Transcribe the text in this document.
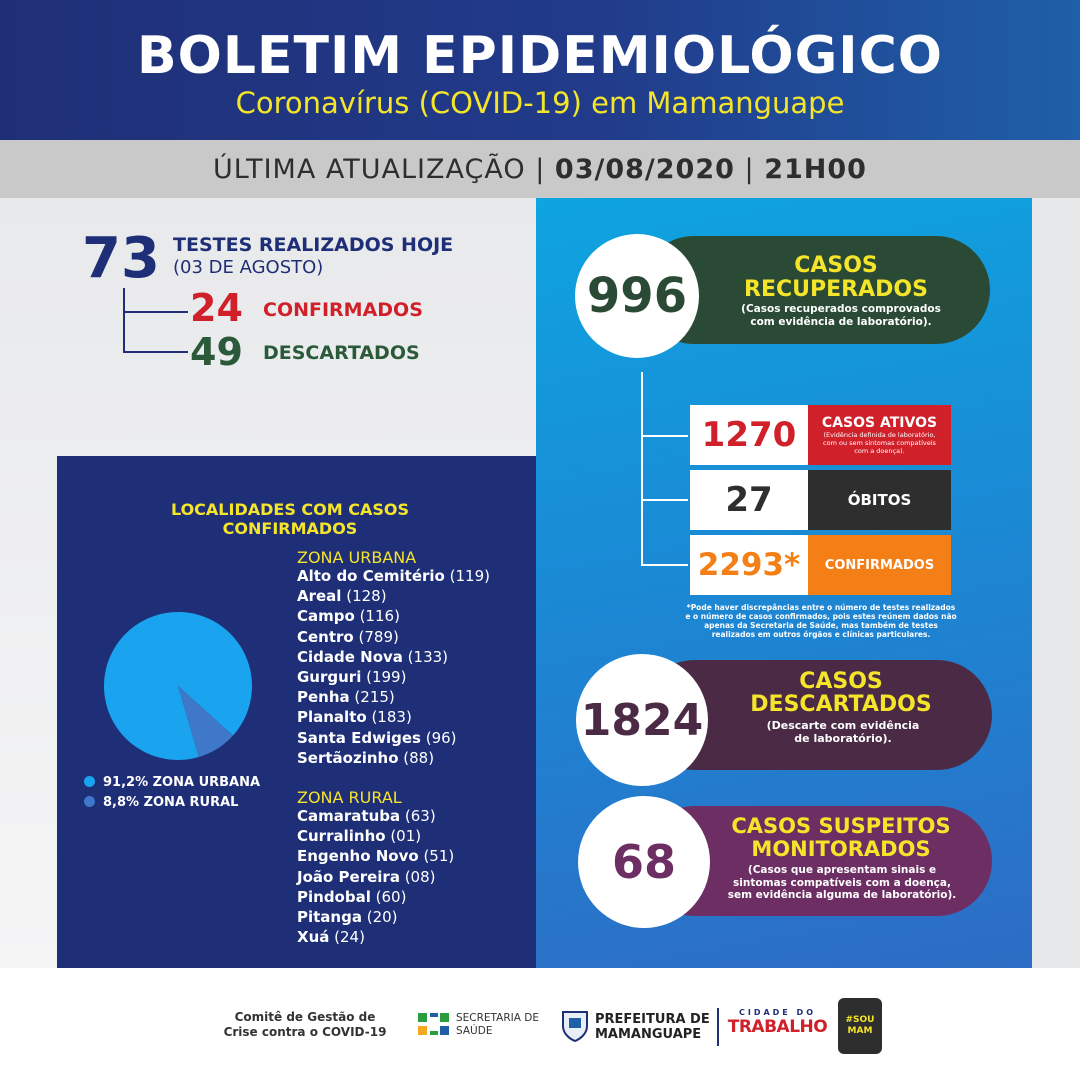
BOLETIM EPIDEMIOLÓGICO
Coronavírus (COVID-19) em Mamanguape
ÚLTIMA ATUALIZAÇÃO | 03/08/2020 | 21H00
73 TESTES REALIZADOS HOJE
(03 DE AGOSTO)
24 CONFIRMADOS
49 DESCARTADOS
LOCALIDADES COM CASOS CONFIRMADOS
91,2% ZONA URBANA
8,8% ZONA RURAL
ZONA URBANA
Alto do Cemitério (119)
Areal (128)
Campo (116)
Centro (789)
Cidade Nova (133)
Gurguri (199)
Penha (215)
Planalto (183)
Santa Edwiges (96)
Sertãozinho (88)
ZONA RURAL
Camaratuba (63)
Curralinho (01)
Engenho Novo (51)
João Pereira (08)
Pindobal (60)
Pitanga (20)
Xuá (24)
996
CASOS
RECUPERADOS
(Casos recuperados comprovados com evidência de laboratório).
1270	CASOS ATIVOS
(Evidência definida de laboratório, com ou sem sintomas compatíveis com a doença).
27	ÓBITOS
2293*	CONFIRMADOS
*Pode haver discrepâncias entre o número de testes realizados e o número de casos confirmados, pois estes reúnem dados não apenas da Secretaria de Saúde, mas também de testes realizados em outros órgãos e clínicas particulares.
1824
CASOS
DESCARTADOS
(Descarte com evidência de laboratório).
68
CASOS SUSPEITOS
MONITORADOS
(Casos que apresentam sinais e sintomas compatíveis com a doença, sem evidência alguma de laboratório).
Comitê de Gestão de
Crise contra o COVID-19
SECRETARIA DE
SAÚDE
PREFEITURA DE
MAMANGUAPE
CIDADE DO
TRABALHO	#SOU MAM
